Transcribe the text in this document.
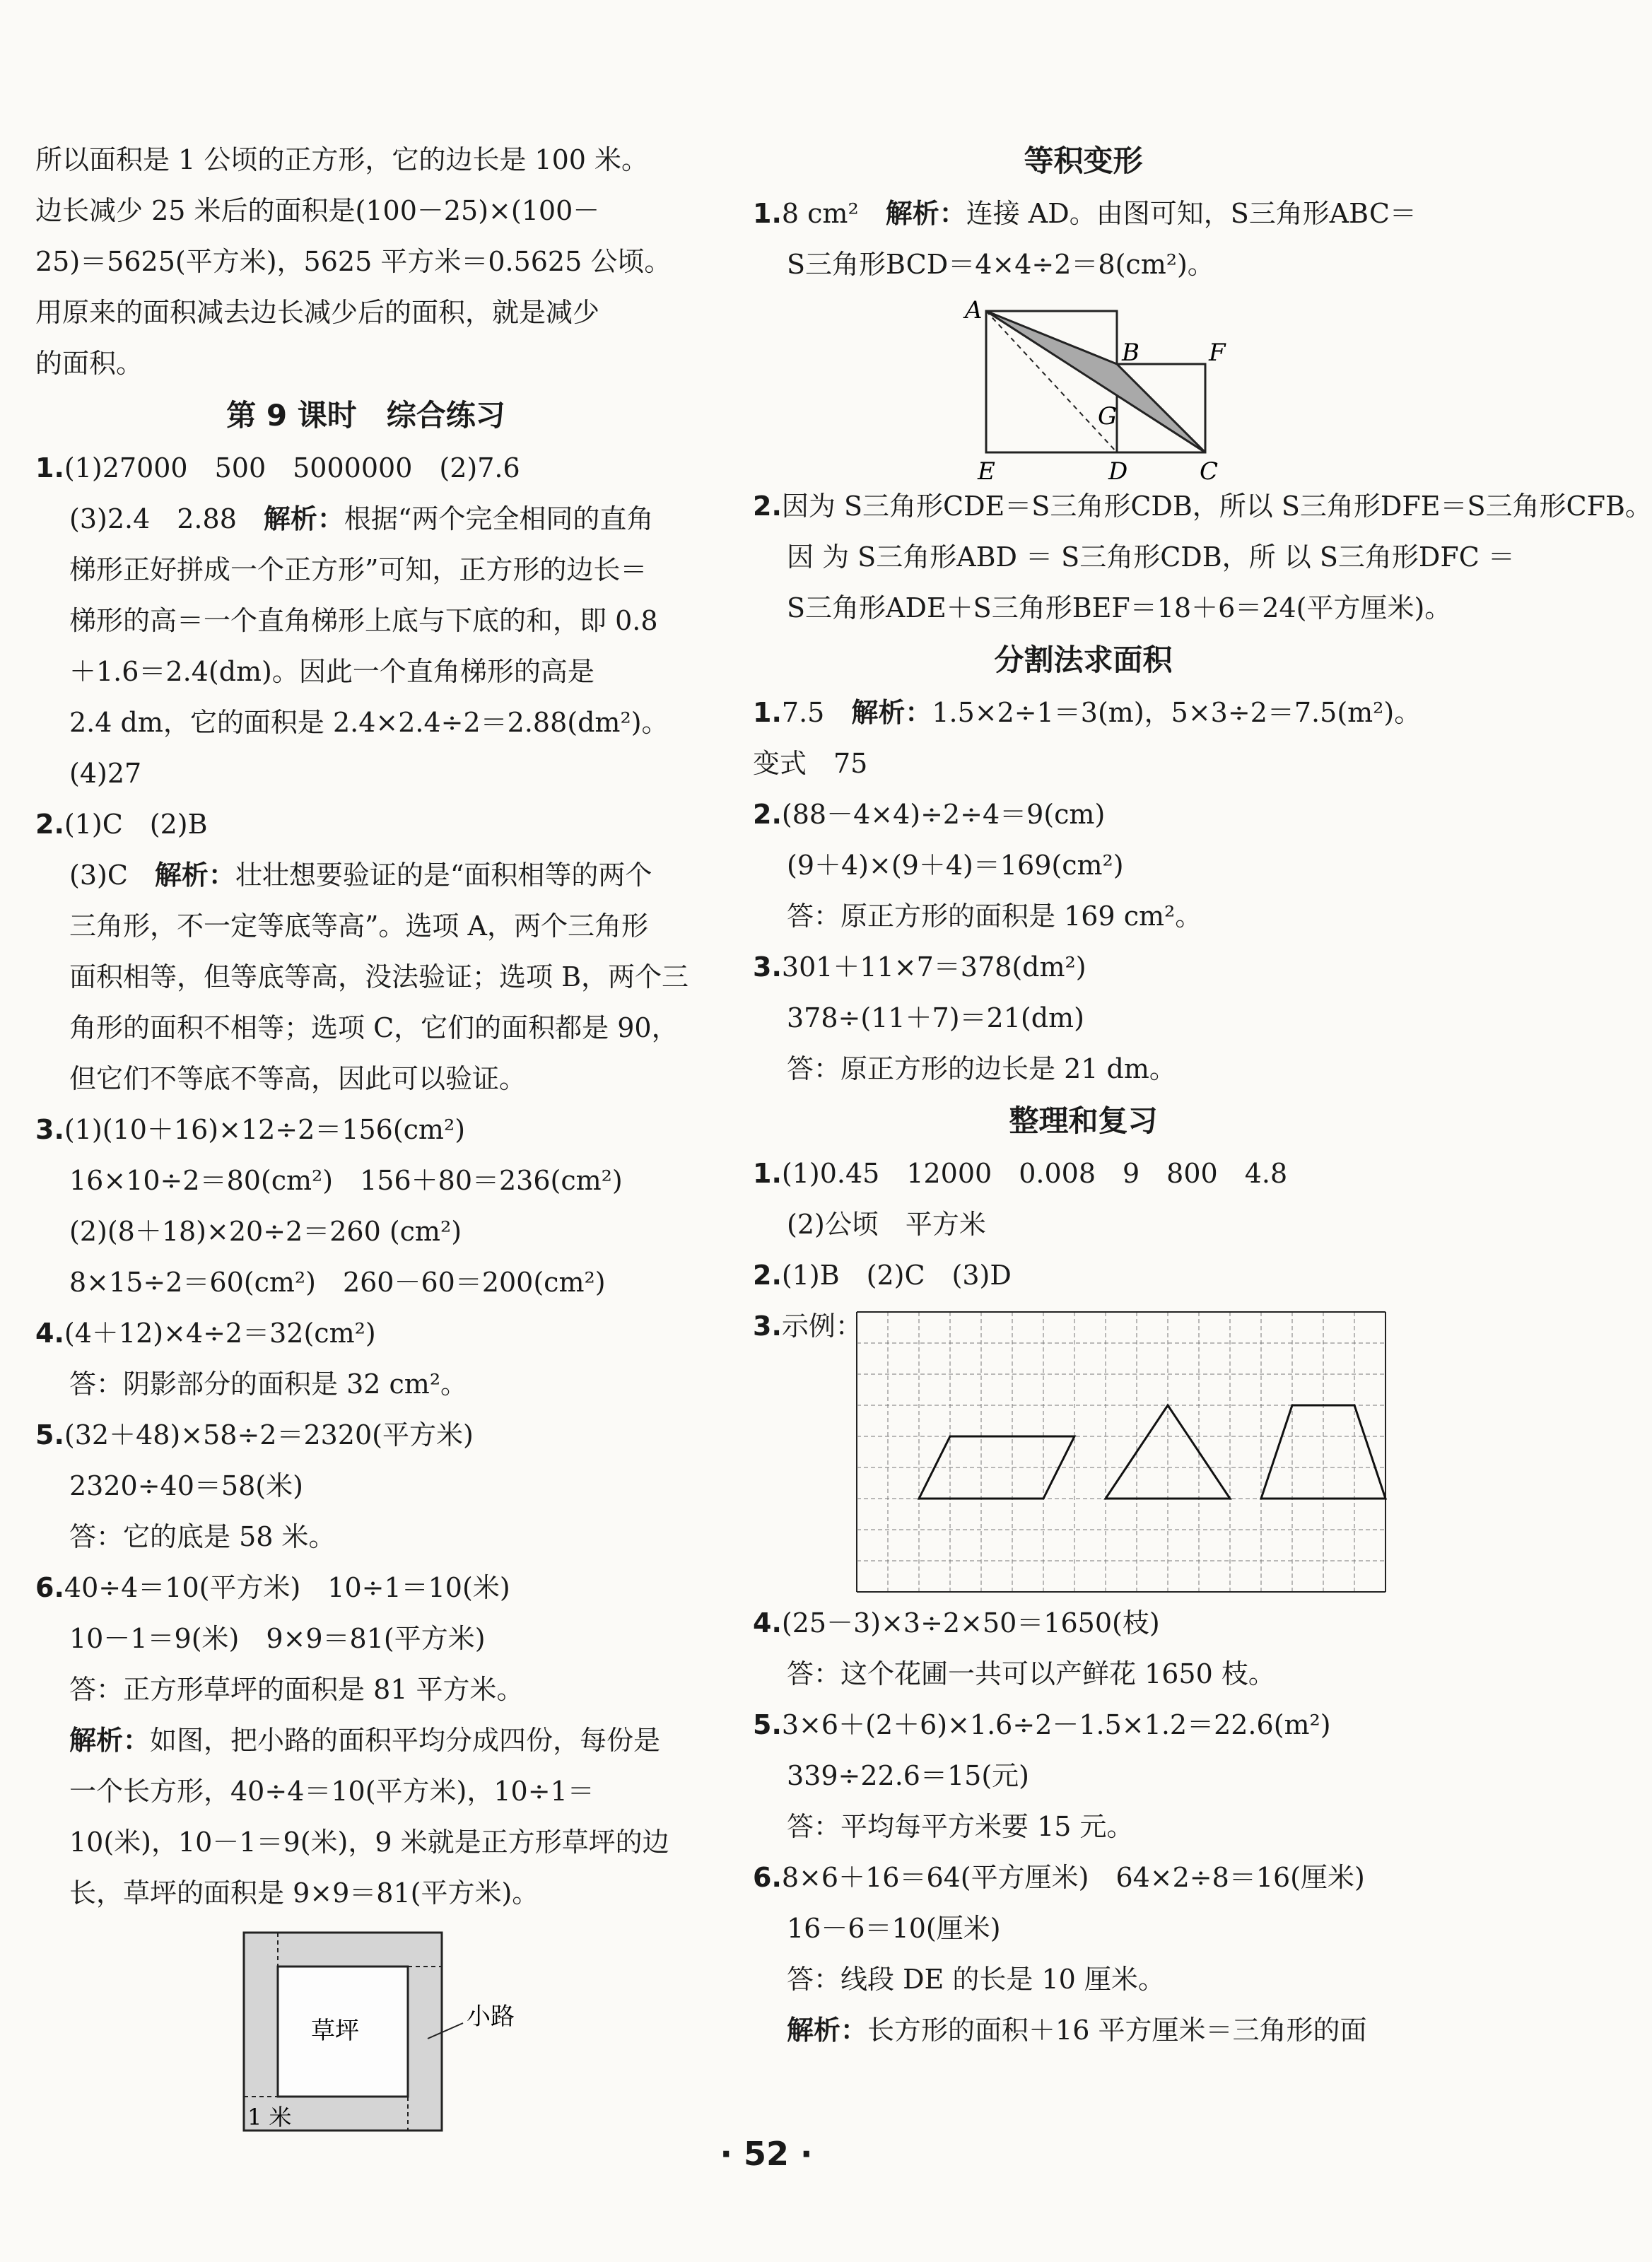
所以面积是 1 公顷的正方形，它的边长是 100 米。
边长减少 25 米后的面积是(100－25)×(100－
25)＝5625(平方米)，5625 平方米＝0.5625 公顷。
用原来的面积减去边长减少后的面积，就是减少
的面积。
第 9 课时　综合练习
1.(1)27000　500　5000000　(2)7.6
(3)2.4　2.88　解析：根据“两个完全相同的直角
梯形正好拼成一个正方形”可知，正方形的边长＝
梯形的高＝一个直角梯形上底与下底的和，即 0.8
＋1.6＝2.4(dm)。因此一个直角梯形的高是
2.4 dm，它的面积是 2.4×2.4÷2＝2.88(dm²)。
(4)27
2.(1)C　(2)B
(3)C　解析：壮壮想要验证的是“面积相等的两个
三角形，不一定等底等高”。选项 A，两个三角形
面积相等，但等底等高，没法验证；选项 B，两个三
角形的面积不相等；选项 C，它们的面积都是 90，
但它们不等底不等高，因此可以验证。
3.(1)(10＋16)×12÷2＝156(cm²)
16×10÷2＝80(cm²)　156＋80＝236(cm²)
(2)(8＋18)×20÷2＝260 (cm²)
8×15÷2＝60(cm²)　260－60＝200(cm²)
4.(4＋12)×4÷2＝32(cm²)
答：阴影部分的面积是 32 cm²。
5.(32＋48)×58÷2＝2320(平方米)
2320÷40＝58(米)
答：它的底是 58 米。
6.40÷4＝10(平方米)　10÷1＝10(米)
10－1＝9(米)　9×9＝81(平方米)
答：正方形草坪的面积是 81 平方米。
解析：如图，把小路的面积平均分成四份，每份是
一个长方形，40÷4＝10(平方米)，10÷1＝
10(米)，10－1＝9(米)，9 米就是正方形草坪的边
长，草坪的面积是 9×9＝81(平方米)。
草坪	小路
1 米
等积变形
1.8 cm²　解析：连接 AD。由图可知，S三角形ABC＝
S三角形BCD＝4×4÷2＝8(cm²)。
A
B	F
G
E	D	C
2.因为 S三角形CDE＝S三角形CDB，所以 S三角形DFE＝S三角形CFB。
因 为 S三角形ABD ＝ S三角形CDB，所 以 S三角形DFC ＝
S三角形ADE＋S三角形BEF＝18＋6＝24(平方厘米)。
分割法求面积
1.7.5　解析：1.5×2÷1＝3(m)，5×3÷2＝7.5(m²)。
变式　75
2.(88－4×4)÷2÷4＝9(cm)
(9＋4)×(9＋4)＝169(cm²)
答：原正方形的面积是 169 cm²。
3.301＋11×7＝378(dm²)
378÷(11＋7)＝21(dm)
答：原正方形的边长是 21 dm。
整理和复习
1.(1)0.45　12000　0.008　9　800　4.8
(2)公顷　平方米
2.(1)B　(2)C　(3)D
3.示例：
4.(25－3)×3÷2×50＝1650(枝)
答：这个花圃一共可以产鲜花 1650 枝。
5.3×6＋(2＋6)×1.6÷2－1.5×1.2＝22.6(m²)
339÷22.6＝15(元)
答：平均每平方米要 15 元。
6.8×6＋16＝64(平方厘米)　64×2÷8＝16(厘米)
16－6＝10(厘米)
答：线段 DE 的长是 10 厘米。
解析：长方形的面积＋16 平方厘米＝三角形的面
· 52 ·
